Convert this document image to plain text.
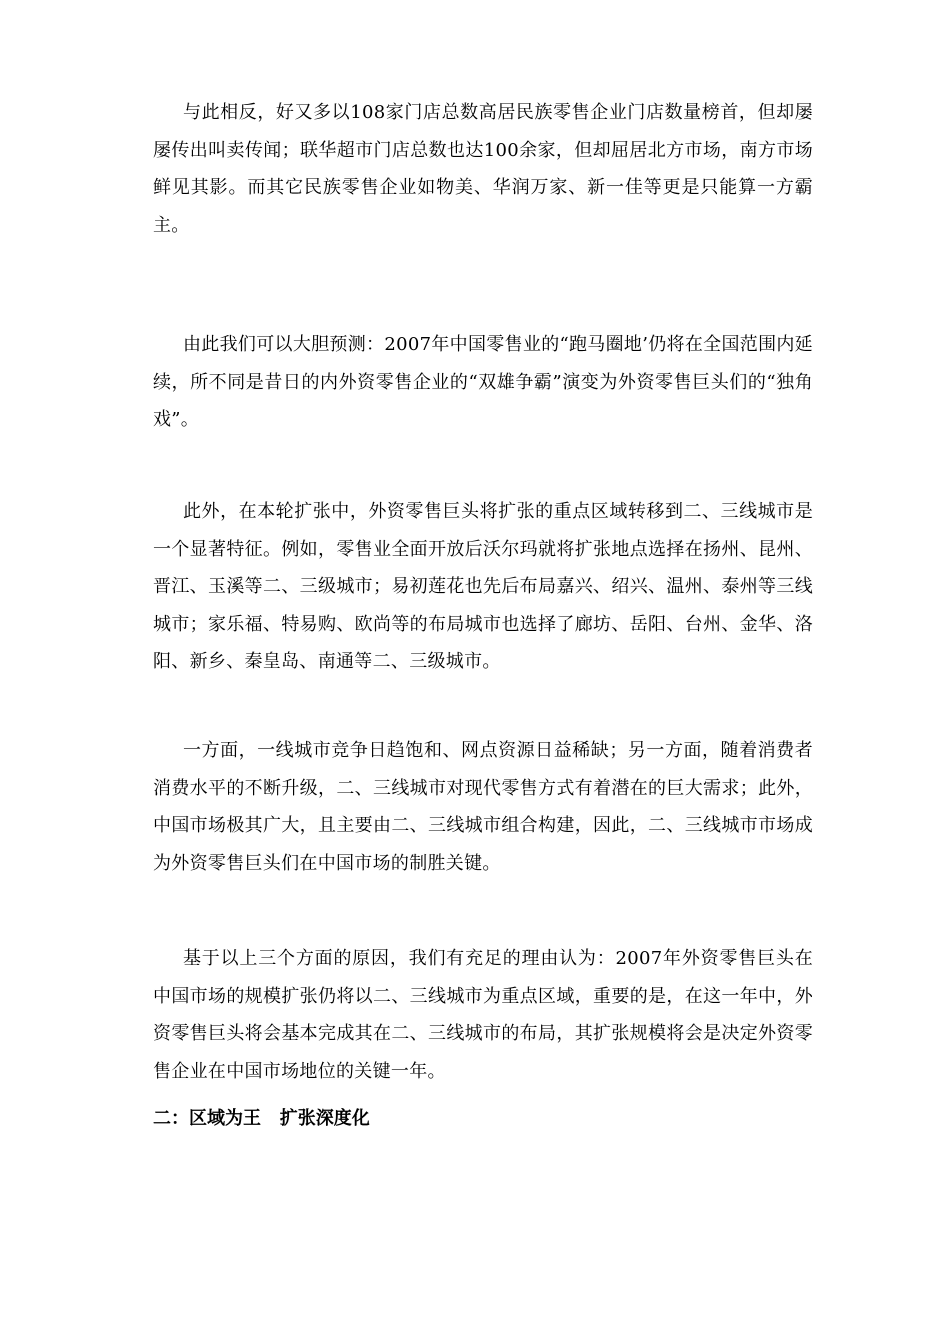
与此相反，好又多以108家门店总数高居民族零售企业门店数量榜首，但却屡屡传出叫卖传闻；联华超市门店总数也达100余家，但却屈居北方市场，南方市场鲜见其影。而其它民族零售企业如物美、华润万家、新一佳等更是只能算一方霸主。

由此我们可以大胆预测：2007年中国零售业的“跑马圈地’仍将在全国范围内延续，所不同是昔日的内外资零售企业的“双雄争霸”演变为外资零售巨头们的“独角戏”。

此外，在本轮扩张中，外资零售巨头将扩张的重点区域转移到二、三线城市是一个显著特征。例如，零售业全面开放后沃尔玛就将扩张地点选择在扬州、昆州、晋江、玉溪等二、三级城市；易初莲花也先后布局嘉兴、绍兴、温州、泰州等三线城市；家乐福、特易购、欧尚等的布局城市也选择了廊坊、岳阳、台州、金华、洛阳、新乡、秦皇岛、南通等二、三级城市。

一方面，一线城市竞争日趋饱和、网点资源日益稀缺；另一方面，随着消费者消费水平的不断升级，二、三线城市对现代零售方式有着潜在的巨大需求；此外，中国市场极其广大，且主要由二、三线城市组合构建，因此，二、三线城市市场成为外资零售巨头们在中国市场的制胜关键。

基于以上三个方面的原因，我们有充足的理由认为：2007年外资零售巨头在中国市场的规模扩张仍将以二、三线城市为重点区域，重要的是，在这一年中，外资零售巨头将会基本完成其在二、三线城市的布局，其扩张规模将会是决定外资零售企业在中国市场地位的关键一年。

二：区域为王   扩张深度化
